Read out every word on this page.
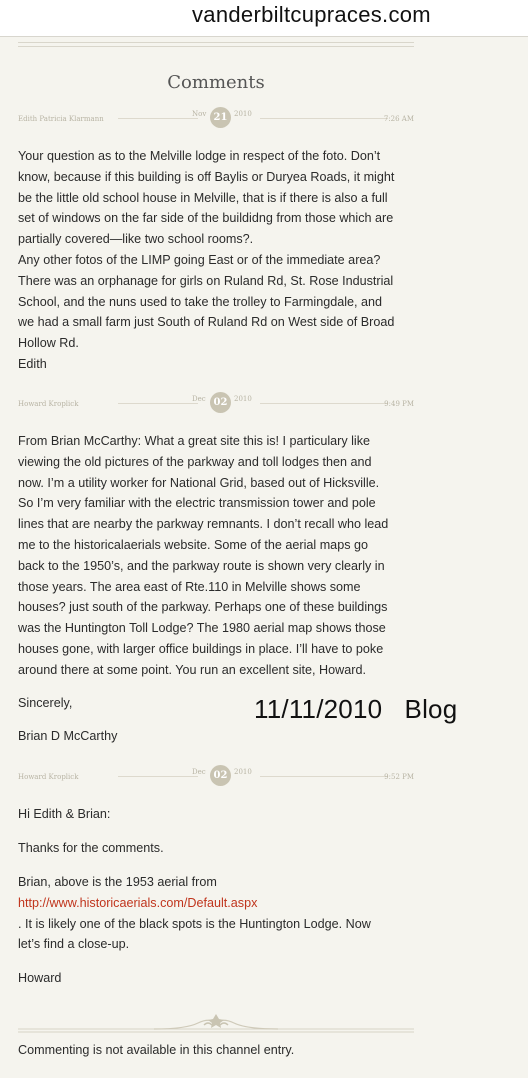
vanderbiltcupraces.com
Comments
Edith Patricia Klarmann
Nov 21 2010
7:26 AM
Your question as to the Melville lodge in respect of the foto. Don’t
know, because if this building is off Baylis or Duryea Roads, it might
be the little old school house in Melville, that is if there is also a full
set of windows on the far side of the buildidng from those which are
partially covered—like two school rooms?.
Any other fotos of the LIMP going East or of the immediate area?
There was an orphanage for girls on Ruland Rd, St. Rose Industrial
School, and the nuns used to take the trolley to Farmingdale, and
we had a small farm just South of Ruland Rd on West side of Broad
Hollow Rd.
Edith
Howard Kroplick
Dec 02 2010
9:49 PM
From Brian McCarthy: What a great site this is! I particulary like
viewing the old pictures of the parkway and toll lodges then and
now. I’m a utility worker for National Grid, based out of Hicksville.
So I’m very familiar with the electric transmission tower and pole
lines that are nearby the parkway remnants. I don’t recall who lead
me to the historicalaerials website. Some of the aerial maps go
back to the 1950’s, and the parkway route is shown very clearly in
those years. The area east of Rte.110 in Melville shows some
houses? just south of the parkway. Perhaps one of these buildings
was the Huntington Toll Lodge? The 1980 aerial map shows those
houses gone, with larger office buildings in place. I’ll have to poke
around there at some point. You run an excellent site, Howard.
Sincerely,
Brian D McCarthy
11/11/2010   Blog
Howard Kroplick
Dec 02 2010
9:52 PM
Hi Edith & Brian:
Thanks for the comments.
Brian, above is the 1953 aerial from
http://www.historicaerials.com/Default.aspx
. It is likely one of the black spots is the Huntington Lodge. Now
let’s find a close-up.
Howard
Commenting is not available in this channel entry.
